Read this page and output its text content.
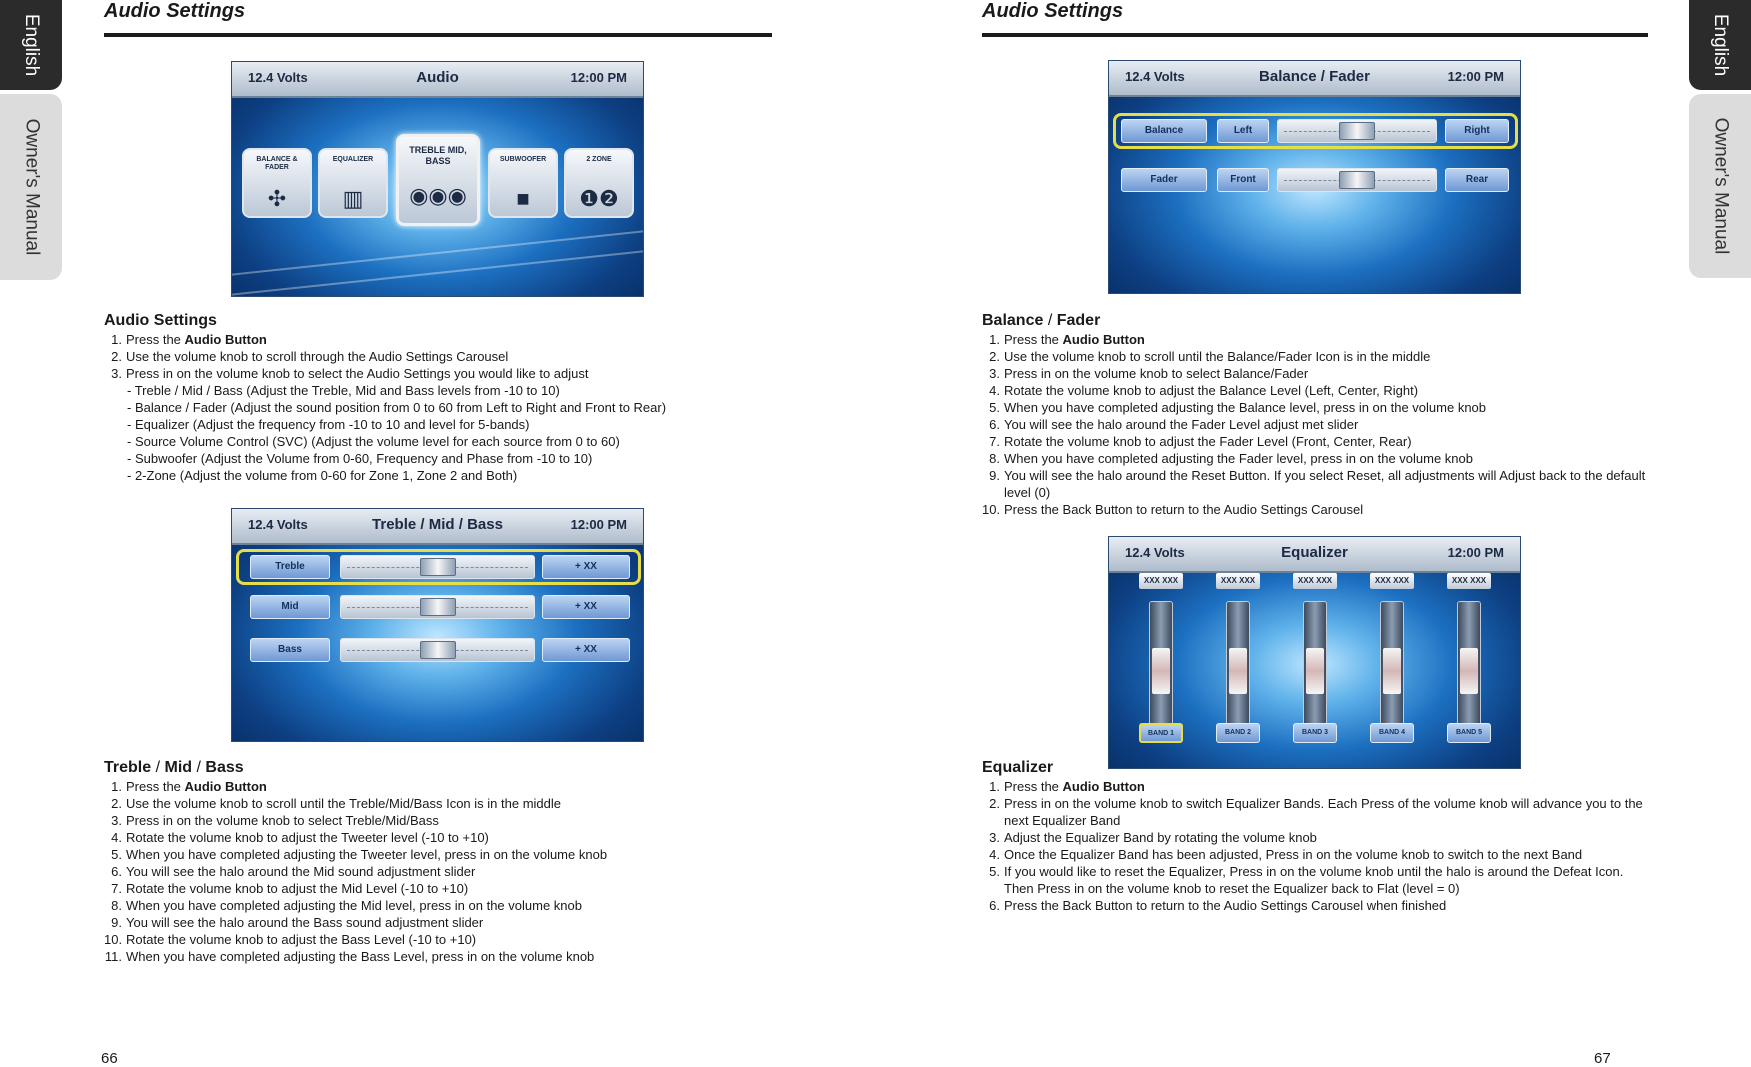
English
Owner's Manual
English
Owner's Manual
Audio Settings
12.4 Volts	Audio	12:00 PM
BALANCE & FADER
✣
EQUALIZER
▥
TREBLE MID, BASS
◉◉◉
SUBWOOFER
■
2 ZONE
❶❷
Audio Settings
1. Press the Audio Button
2. Use the volume knob to scroll through the Audio Settings Carousel
3. Press in on the volume knob to select the Audio Settings you would like to adjust
- Treble / Mid / Bass (Adjust the Treble, Mid and Bass levels from -10 to 10)
- Balance / Fader (Adjust the sound position from 0 to 60 from Left to Right and Front to Rear)
- Equalizer (Adjust the frequency from -10 to 10 and level for 5-bands)
- Source Volume Control (SVC) (Adjust the volume level for each source from 0 to 60)
- Subwoofer (Adjust the Volume from 0-60, Frequency and Phase from -10 to 10)
- 2-Zone (Adjust the volume from 0-60 for Zone 1, Zone 2 and Both)
12.4 Volts	Treble / Mid / Bass	12:00 PM
Treble	+ XX
Mid	+ XX
Bass	+ XX
Treble / Mid / Bass
1. Press the Audio Button
2. Use the volume knob to scroll until the Treble/Mid/Bass Icon is in the middle
3. Press in on the volume knob to select Treble/Mid/Bass
4. Rotate the volume knob to adjust the Tweeter level (-10 to +10)
5. When you have completed adjusting the Tweeter level, press in on the volume knob
6. You will see the halo around the Mid sound adjustment slider
7. Rotate the volume knob to adjust the Mid Level (-10 to +10)
8. When you have completed adjusting the Mid level, press in on the volume knob
9. You will see the halo around the Bass sound adjustment slider
10. Rotate the volume knob to adjust the Bass Level (-10 to +10)
11. When you have completed adjusting the Bass Level, press in on the volume knob
66
Audio Settings
12.4 Volts	Balance / Fader	12:00 PM
Balance	Left	Right
Fader	Front	Rear
Balance / Fader
1. Press the Audio Button
2. Use the volume knob to scroll until the Balance/Fader Icon is in the middle
3. Press in on the volume knob to select Balance/Fader
4. Rotate the volume knob to adjust the Balance Level (Left, Center, Right)
5. When you have completed adjusting the Balance level, press in on the volume knob
6. You will see the halo around the Fader Level adjust met slider
7. Rotate the volume knob to adjust the Fader Level (Front, Center, Rear)
8. When you have completed adjusting the Fader level, press in on the volume knob
9. You will see the halo around the Reset Button. If you select Reset, all adjustments will Adjust back to the default level (0)
10. Press the Back Button to return to the Audio Settings Carousel
12.4 Volts	Equalizer	12:00 PM
XXX XXX
BAND 1
XXX XXX
BAND 2
XXX XXX
BAND 3
XXX XXX
BAND 4
XXX XXX
BAND 5
Equalizer
1. Press the Audio Button
2. Press in on the volume knob to switch Equalizer Bands. Each Press of the volume knob will advance you to the next Equalizer Band
3. Adjust the Equalizer Band by rotating the volume knob
4. Once the Equalizer Band has been adjusted, Press in on the volume knob to switch to the next Band
5. If you would like to reset the Equalizer, Press in on the volume knob until the halo is around the Defeat Icon. Then Press in on the volume knob to reset the Equalizer back to Flat (level = 0)
6. Press the Back Button to return to the Audio Settings Carousel when finished
67
